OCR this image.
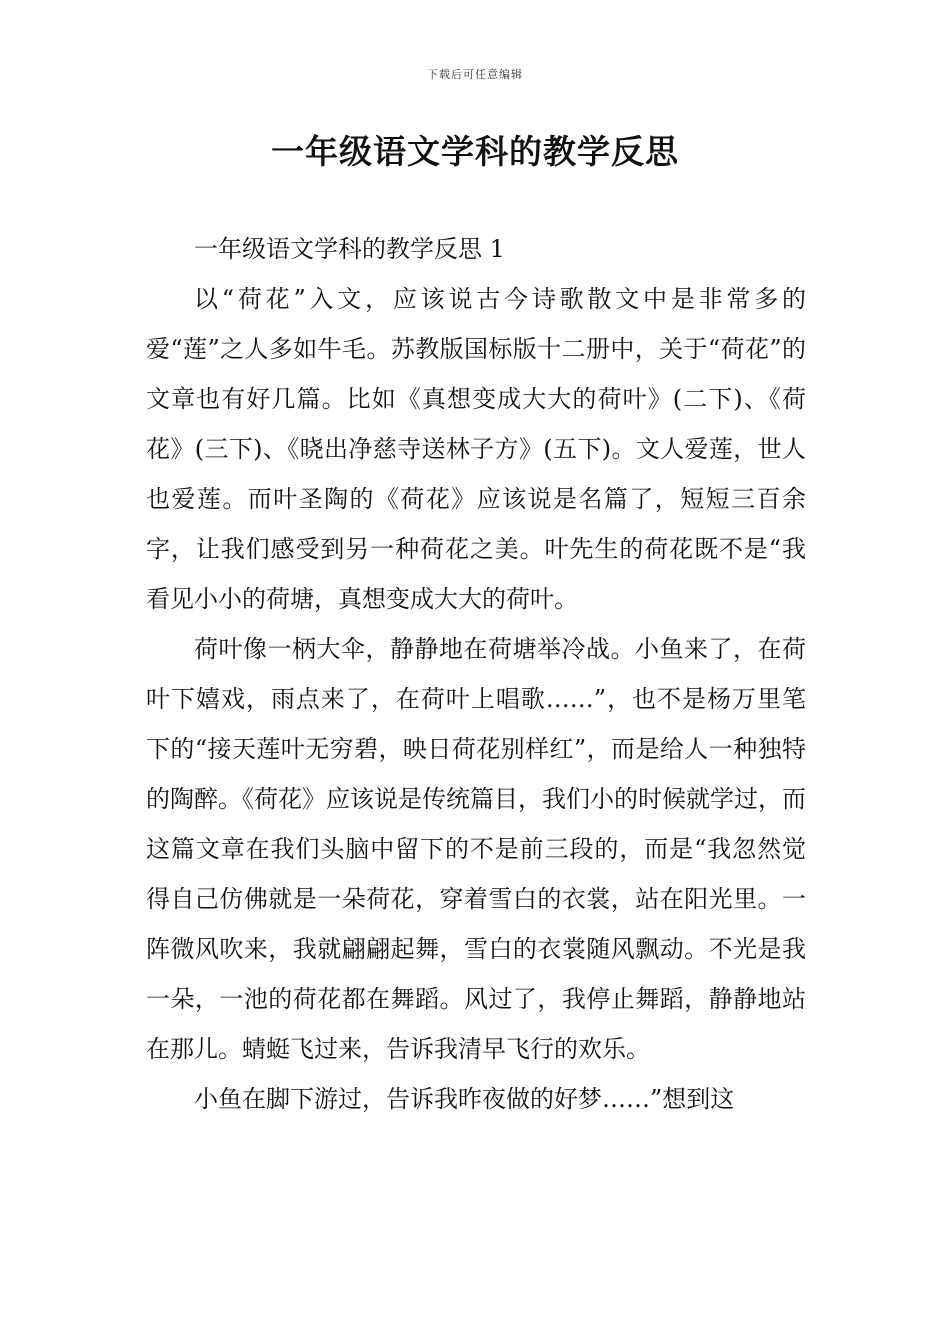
下载后可任意编辑
一年级语文学科的教学反思

一年级语文学科的教学反思 1

以“荷花”入文，应该说古今诗歌散文中是非常多的爱“莲”之人多如牛毛。苏教版国标版十二册中，关于“荷花”的文章也有好几篇。比如《真想变成大大的荷叶》(二下)、《荷花》(三下)、《晓出净慈寺送林子方》(五下)。文人爱莲，世人也爱莲。而叶圣陶的《荷花》应该说是名篇了，短短三百余字，让我们感受到另一种荷花之美。叶先生的荷花既不是“我看见小小的荷塘，真想变成大大的荷叶。

荷叶像一柄大伞，静静地在荷塘举冷战。小鱼来了，在荷叶下嬉戏，雨点来了，在荷叶上唱歌……”，也不是杨万里笔下的“接天莲叶无穷碧，映日荷花别样红”，而是给人一种独特的陶醉。《荷花》应该说是传统篇目，我们小的时候就学过，而这篇文章在我们头脑中留下的不是前三段的，而是“我忽然觉得自己仿佛就是一朵荷花，穿着雪白的衣裳，站在阳光里。一阵微风吹来，我就翩翩起舞，雪白的衣裳随风飘动。不光是我一朵，一池的荷花都在舞蹈。风过了，我停止舞蹈，静静地站在那儿。蜻蜓飞过来，告诉我清早飞行的欢乐。

小鱼在脚下游过，告诉我昨夜做的好梦……”想到这
